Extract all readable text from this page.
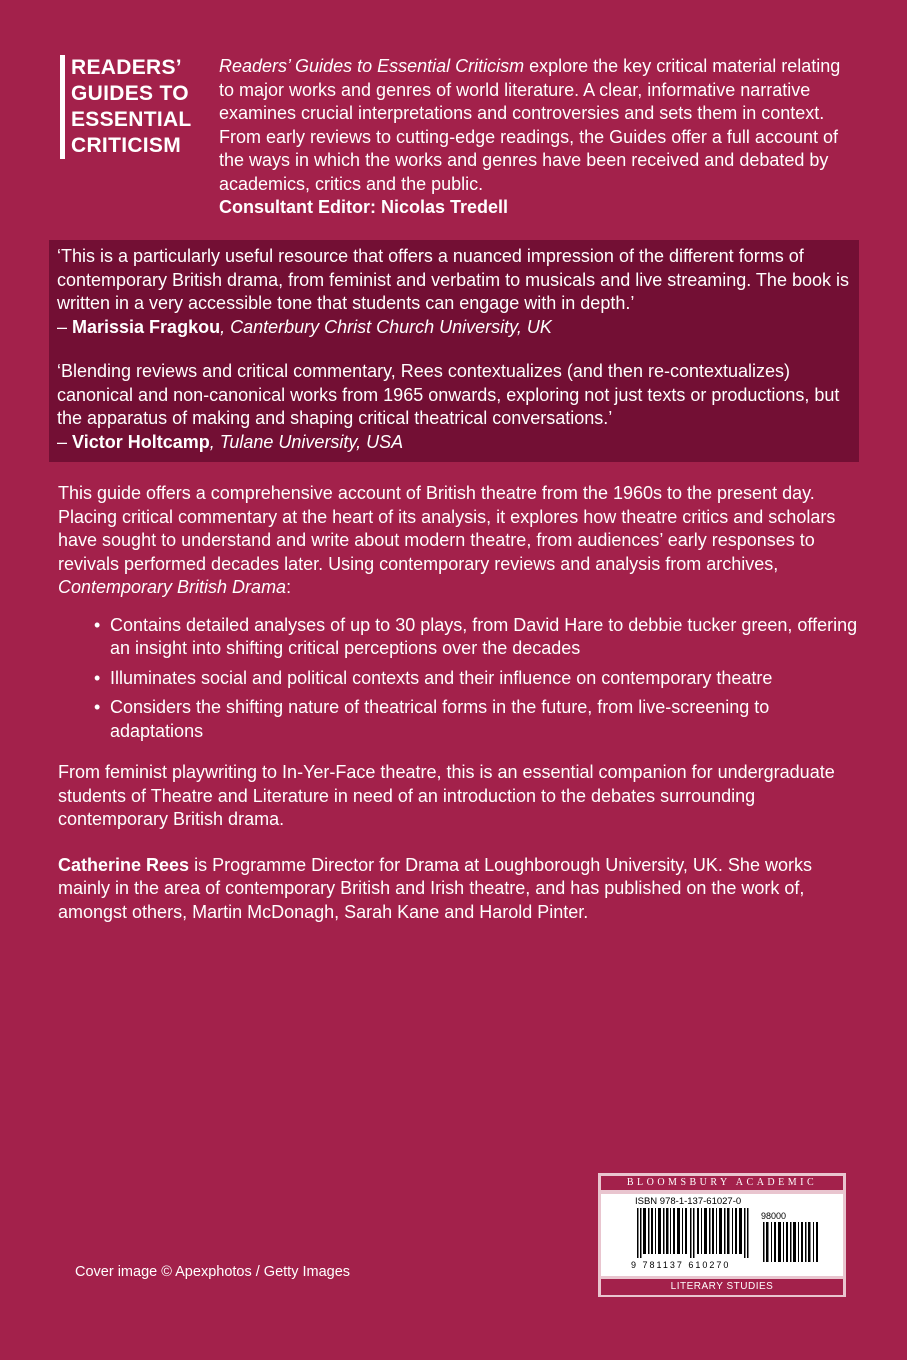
READERS’
GUIDES TO
ESSENTIAL
CRITICISM
Readers’ Guides to Essential Criticism explore the key critical material relating to major works and genres of world literature. A clear, informative narrative examines crucial interpretations and controversies and sets them in context. From early reviews to cutting-edge readings, the Guides offer a full account of the ways in which the works and genres have been received and debated by academics, critics and the public.
Consultant Editor: Nicolas Tredell

‘This is a particularly useful resource that offers a nuanced impression of the different forms of contemporary British drama, from feminist and verbatim to musicals and live streaming. The book is written in a very accessible tone that students can engage with in depth.’
– Marissia Fragkou, Canterbury Christ Church University, UK

‘Blending reviews and critical commentary, Rees contextualizes (and then re-contextualizes) canonical and non-canonical works from 1965 onwards, exploring not just texts or productions, but the apparatus of making and shaping critical theatrical conversations.’
– Victor Holtcamp, Tulane University, USA

This guide offers a comprehensive account of British theatre from the 1960s to the present day. Placing critical commentary at the heart of its analysis, it explores how theatre critics and scholars have sought to understand and write about modern theatre, from audiences’ early responses to revivals performed decades later. Using contemporary reviews and analysis from archives, Contemporary British Drama:

• Contains detailed analyses of up to 30 plays, from David Hare to debbie tucker green, offering an insight into shifting critical perceptions over the decades
• Illuminates social and political contexts and their influence on contemporary theatre
• Considers the shifting nature of theatrical forms in the future, from live-screening to adaptations

From feminist playwriting to In-Yer-Face theatre, this is an essential companion for undergraduate students of Theatre and Literature in need of an introduction to the debates surrounding contemporary British drama.

Catherine Rees is Programme Director for Drama at Loughborough University, UK. She works mainly in the area of contemporary British and Irish theatre, and has published on the work of, amongst others, Martin McDonagh, Sarah Kane and Harold Pinter.

Cover image © Apexphotos / Getty Images
BLOOMSBURY ACADEMIC
ISBN 978-1-137-61027-0
98000
9 781137 610270
LITERARY STUDIES
